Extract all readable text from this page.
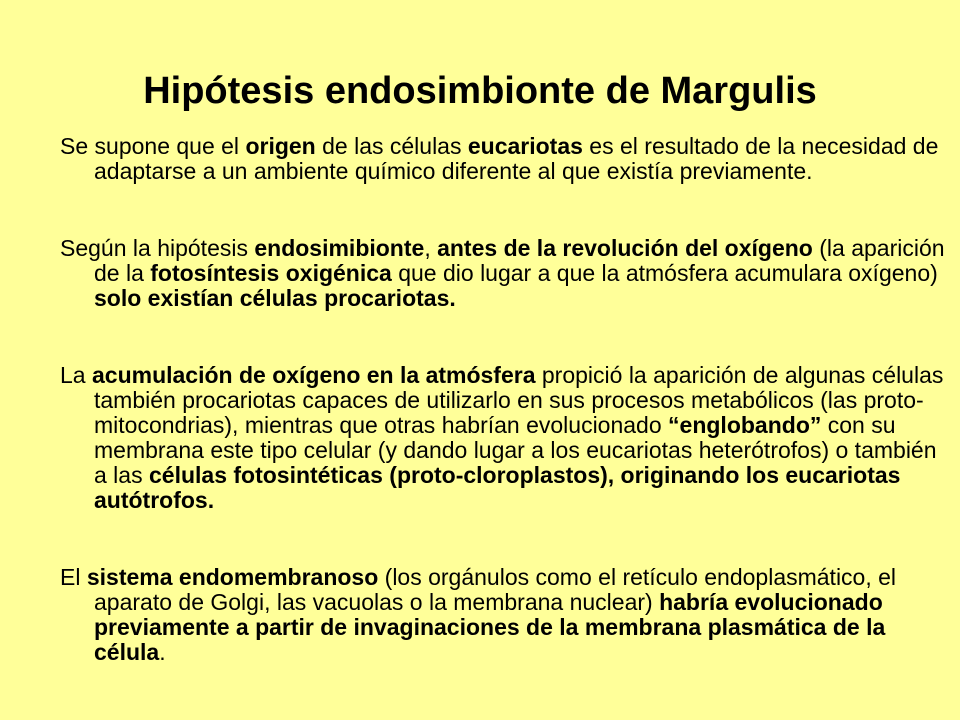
Hipótesis endosimbionte de Margulis

Se supone que el origen de las células eucariotas es el resultado de la necesidad de adaptarse a un ambiente químico diferente al que existía previamente.

Según la hipótesis endosimibionte, antes de la revolución del oxígeno (la aparición de la fotosíntesis oxigénica que dio lugar a que la atmósfera acumulara oxígeno) solo existían células procariotas.

La acumulación de oxígeno en la atmósfera propició la aparición de algunas células también procariotas capaces de utilizarlo en sus procesos metabólicos (las proto-mitocondrias), mientras que otras habrían evolucionado “englobando” con su membrana este tipo celular (y dando lugar a los eucariotas heterótrofos) o también a las células fotosintéticas (proto-cloroplastos), originando los eucariotas autótrofos.

El sistema endomembranoso (los orgánulos como el retículo endoplasmático, el aparato de Golgi, las vacuolas o la membrana nuclear) habría evolucionado previamente a partir de invaginaciones de la membrana plasmática de la célula.
